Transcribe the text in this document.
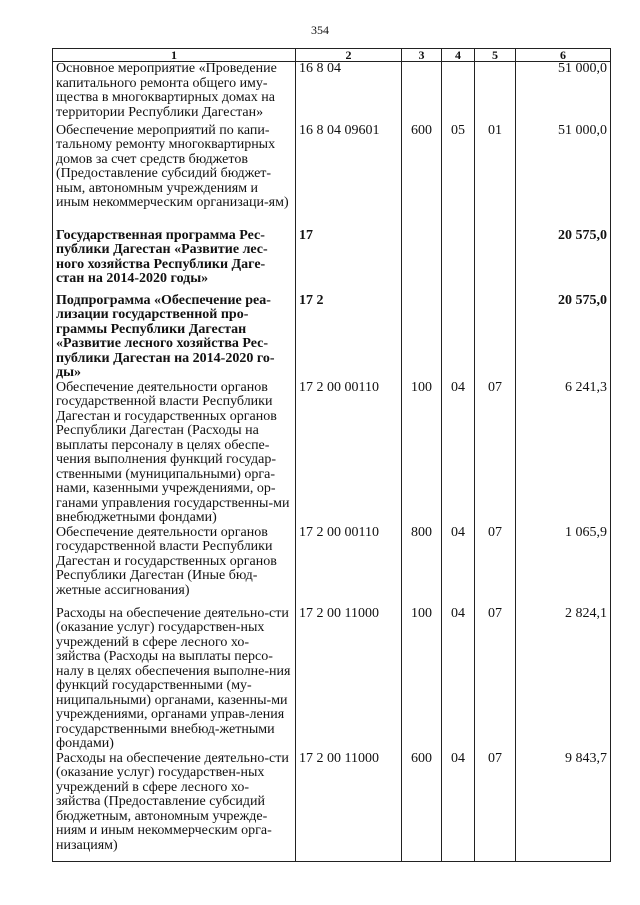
354
1	2	3	4	5	6
Основное мероприятие «Проведение капитального ремонта общего иму-щества в многоквартирных домах на территории Республики Дагестан»	16 8 04				51 000,0
Обеспечение мероприятий по капи-тальному ремонту многоквартирных домов за счет средств бюджетов (Предоставление субсидий бюджет-ным, автономным учреждениям и иным некоммерческим организаци-ям)	16 8 04 09601	600	05	01	51 000,0
Государственная программа Рес-публики Дагестан «Развитие лес-ного хозяйства Республики Даге-стан на 2014-2020 годы»	17				20 575,0
Подпрограмма «Обеспечение реа-лизации государственной про-граммы Республики Дагестан «Развитие лесного хозяйства Рес-публики Дагестан на 2014-2020 го-ды»	17 2				20 575,0
Обеспечение деятельности органов государственной власти Республики Дагестан и государственных органов Республики Дагестан (Расходы на выплаты персоналу в целях обеспе-чения выполнения функций государ-ственными (муниципальными) орга-нами, казенными учреждениями, ор-ганами управления государственны-ми внебюджетными фондами)	17 2 00 00110	100	04	07	6 241,3
Обеспечение деятельности органов государственной власти Республики Дагестан и государственных органов Республики Дагестан (Иные бюд-жетные ассигнования)	17 2 00 00110	800	04	07	1 065,9
Расходы на обеспечение деятельно-сти (оказание услуг) государствен-ных учреждений в сфере лесного хо-зяйства (Расходы на выплаты персо-налу в целях обеспечения выполне-ния функций государственными (му-ниципальными) органами, казенны-ми учреждениями, органами управ-ления государственными внебюд-жетными фондами)	17 2 00 11000	100	04	07	2 824,1
Расходы на обеспечение деятельно-сти (оказание услуг) государствен-ных учреждений в сфере лесного хо-зяйства (Предоставление субсидий бюджетным, автономным учрежде-ниям и иным некоммерческим орга-низациям)	17 2 00 11000	600	04	07	9 843,7
